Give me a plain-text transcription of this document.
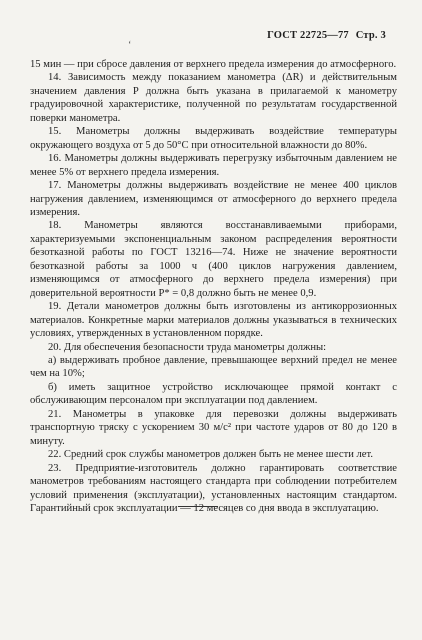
ГОСТ 22725—77 Стр. 3
ʻ

15 мин — при сбросе давления от верхнего предела измерения до атмосферного.

14. Зависимость между показанием манометра (ΔR) и действительным значением давления P должна быть указана в прилагаемой к манометру градуировочной характеристике, полученной по результатам государственной поверки манометра.

15. Манометры должны выдерживать воздействие температуры окружающего воздуха от 5 до 50°С при относительной влажности до 80%.

16. Манометры должны выдерживать перегрузку избыточным давлением не менее 5% от верхнего предела измерения.

17. Манометры должны выдерживать воздействие не менее 400 циклов нагружения давлением, изменяющимся от атмосферного до верхнего предела измерения.

18. Манометры являются восстанавливаемыми приборами, характеризуемыми экспоненциальным законом распределения вероятности безотказной работы по ГОСТ 13216—74. Ниже не значение вероятности безотказной работы за 1000 ч (400 циклов нагружения давлением, изменяющимся от атмосферного до верхнего предела измерения) при доверительной вероятности P* = 0,8 должно быть не менее 0,9.

19. Детали манометров должны быть изготовлены из антикоррозионных материалов. Конкретные марки материалов должны указываться в технических условиях, утвержденных в установленном порядке.

20. Для обеспечения безопасности труда манометры должны:

а) выдерживать пробное давление, превышающее верхний предел не менее чем на 10%;

б) иметь защитное устройство исключающее прямой контакт с обслуживающим персоналом при эксплуатации под давлением.

21. Манометры в упаковке для перевозки должны выдерживать транспортную тряску с ускорением 30 м/с² при частоте ударов от 80 до 120 в минуту.

22. Средний срок службы манометров должен быть не менее шести лет.

23. Предприятие-изготовитель должно гарантировать соответствие манометров требованиям настоящего стандарта при соблюдении потребителем условий применения (эксплуатации), установленных настоящим стандартом. Гарантийный срок эксплуатации — 12 месяцев со дня ввода в эксплуатацию.
